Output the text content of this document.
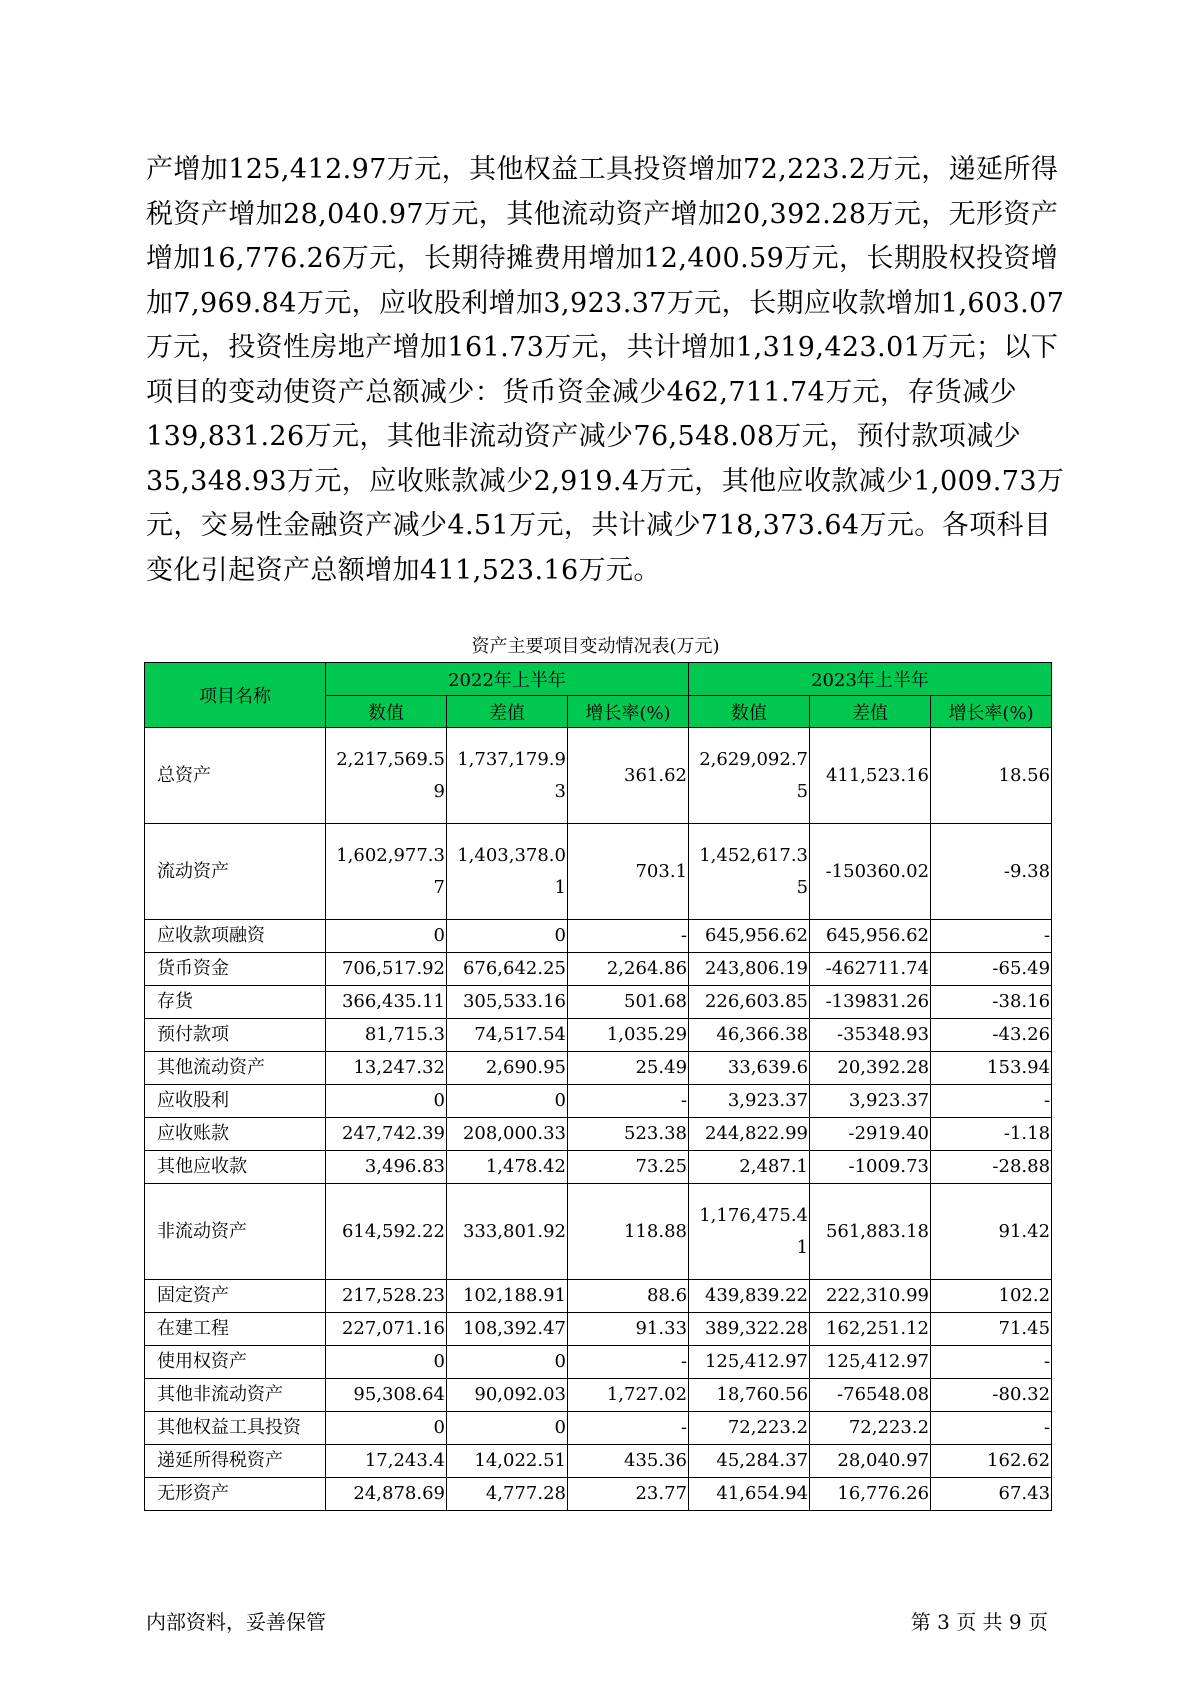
产增加125,412.97万元，其他权益工具投资增加72,223.2万元，递延所得

税资产增加28,040.97万元，其他流动资产增加20,392.28万元，无形资产

增加16,776.26万元，长期待摊费用增加12,400.59万元，长期股权投资增

加7,969.84万元，应收股利增加3,923.37万元，长期应收款增加1,603.07

万元，投资性房地产增加161.73万元，共计增加1,319,423.01万元；以下

项目的变动使资产总额减少：货币资金减少462,711.74万元，存货减少

139,831.26万元，其他非流动资产减少76,548.08万元，预付款项减少

35,348.93万元，应收账款减少2,919.4万元，其他应收款减少1,009.73万

元，交易性金融资产减少4.51万元，共计减少718,373.64万元。各项科目

变化引起资产总额增加411,523.16万元。

资产主要项目变动情况表(万元)
项目名称	2022年上半年			2023年上半年		
	数值	差值	增长率(%)	数值	差值	增长率(%)
总资产	2,217,569.59	1,737,179.93	361.62	2,629,092.75	411,523.16	18.56
流动资产	1,602,977.37	1,403,378.01	703.1	1,452,617.35	-150360.02	-9.38
应收款项融资	0	0	-	645,956.62	645,956.62	-
货币资金	706,517.92	676,642.25	2,264.86	243,806.19	-462711.74	-65.49
存货	366,435.11	305,533.16	501.68	226,603.85	-139831.26	-38.16
预付款项	81,715.3	74,517.54	1,035.29	46,366.38	-35348.93	-43.26
其他流动资产	13,247.32	2,690.95	25.49	33,639.6	20,392.28	153.94
应收股利	0	0	-	3,923.37	3,923.37	-
应收账款	247,742.39	208,000.33	523.38	244,822.99	-2919.40	-1.18
其他应收款	3,496.83	1,478.42	73.25	2,487.1	-1009.73	-28.88
非流动资产	614,592.22	333,801.92	118.88	1,176,475.41	561,883.18	91.42
固定资产	217,528.23	102,188.91	88.6	439,839.22	222,310.99	102.2
在建工程	227,071.16	108,392.47	91.33	389,322.28	162,251.12	71.45
使用权资产	0	0	-	125,412.97	125,412.97	-
其他非流动资产	95,308.64	90,092.03	1,727.02	18,760.56	-76548.08	-80.32
其他权益工具投资	0	0	-	72,223.2	72,223.2	-
递延所得税资产	17,243.4	14,022.51	435.36	45,284.37	28,040.97	162.62
无形资产	24,878.69	4,777.28	23.77	41,654.94	16,776.26	67.43
内部资料，妥善保管	第 3 页 共 9 页
